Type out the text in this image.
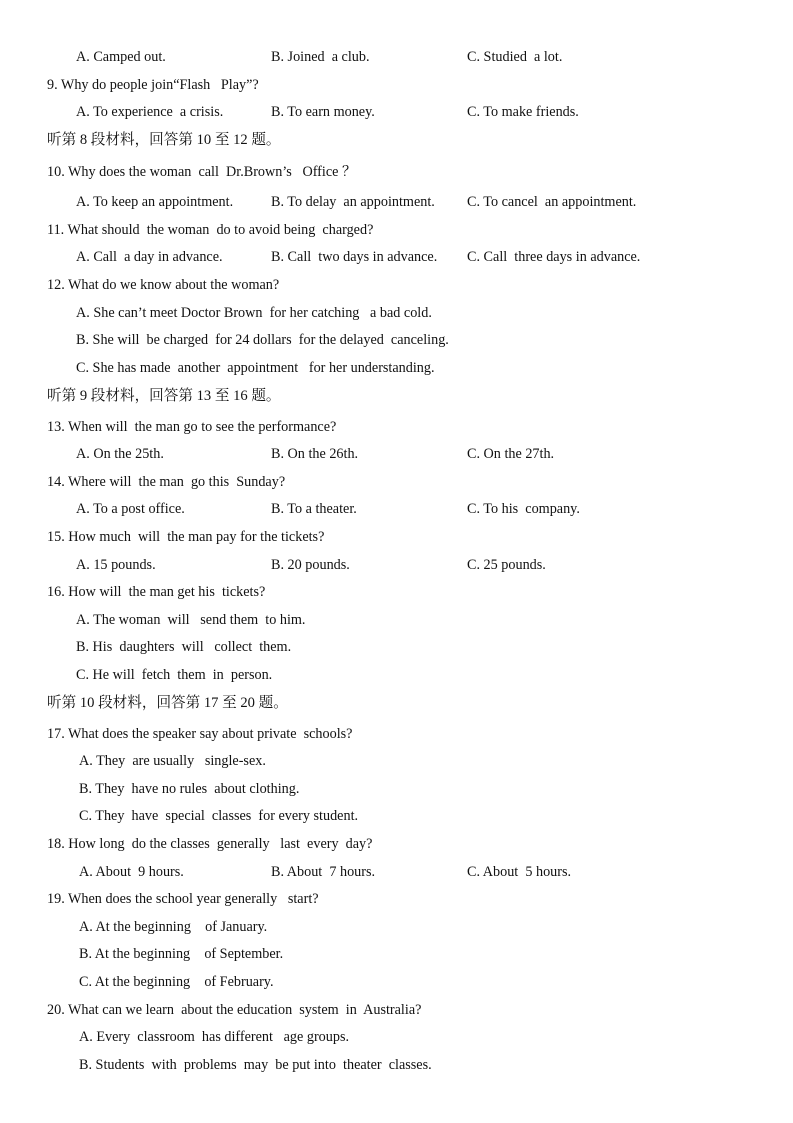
A. Camped out.

	B. Joined  a club.

	C. Studied  a lot.

9. Why do people join“Flash   Play”?

A. To experience  a crisis.

	B. To earn money.

	C. To make friends.

听第 8 段材料，回答第 10 至 12 题。
10. Why does the woman  call  Dr.Brown’s   Office ？

A. To keep an appointment.

	B. To delay  an appointment.

C. To cancel  an appointment.

11. What should  the woman  do to avoid being  charged?

A. Call  a day in advance.

	B. Call  two days in advance.

C. Call  three days in advance.

12. What do we know about the woman?

A. She can’t meet Doctor Brown  for her catching   a bad cold.

B. She will  be charged  for 24 dollars  for the delayed  canceling.

C. She has made  another  appointment   for her understanding.

听第 9 段材料，回答第 13 至 16 题。
13. When will  the man go to see the performance?

A. On the 25th.

	B. On the 26th.

	C. On the 27th.

14. Where will  the man  go this  Sunday?

A. To a post office.

	B. To a theater.

	C. To his  company.

15. How much  will  the man pay for the tickets?

A. 15 pounds.

	B. 20 pounds.

	C. 25 pounds.

16. How will  the man get his  tickets?

A. The woman  will   send them  to him.

B. His  daughters  will   collect  them.

C. He will  fetch  them  in  person.

听第 10 段材料，回答第 17 至 20 题。
17. What does the speaker say about private  schools?

A. They  are usually   single-sex.

B. They  have no rules  about clothing.

C. They  have  special  classes  for every student.

18. How long  do the classes  generally   last  every  day?

A. About  9 hours.

	B. About  7 hours.

	C. About  5 hours.

19. When does the school year generally   start?

A. At the beginning    of January.

B. At the beginning    of September.

C. At the beginning    of February.

20. What can we learn  about the education  system  in  Australia?

A. Every  classroom  has different   age groups.

B. Students  with  problems  may  be put into  theater  classes.
